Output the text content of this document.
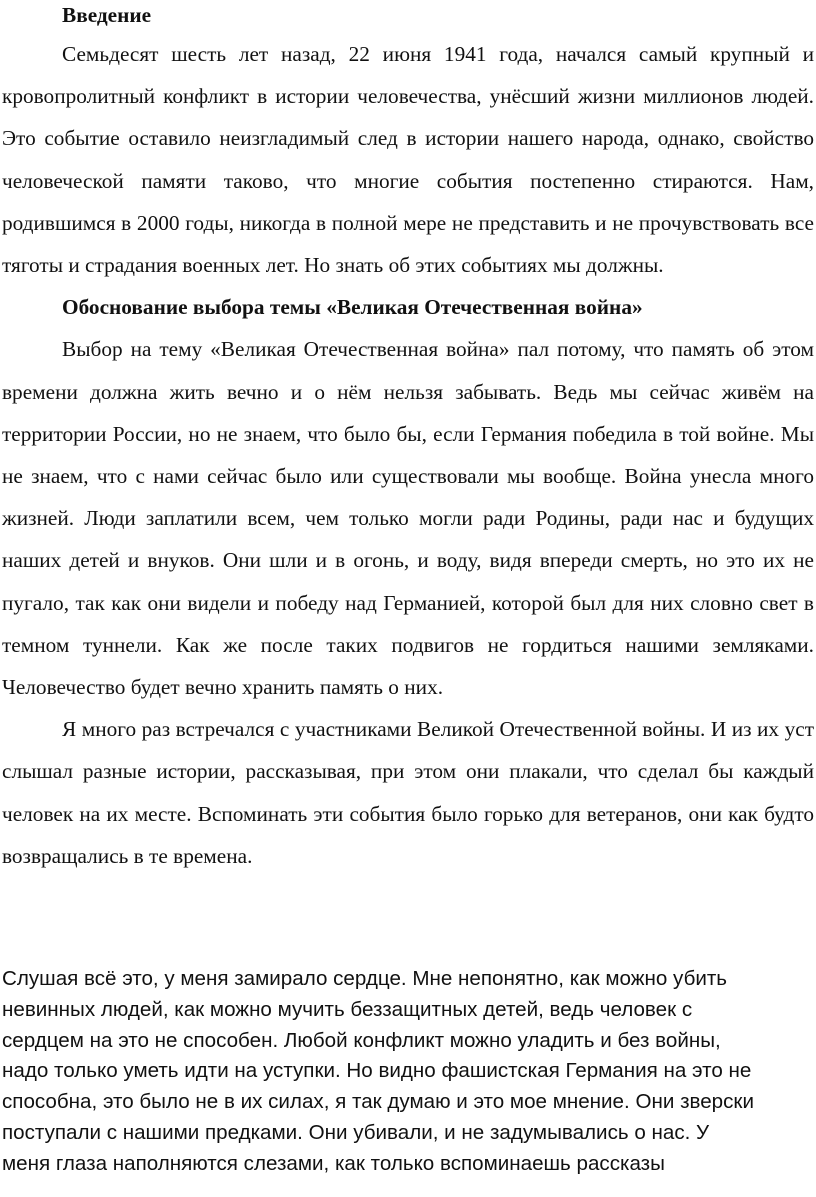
Введение

Семьдесят шесть лет назад, 22 июня 1941 года, начался самый крупный и кровопролитный конфликт в истории человечества, унёсший жизни миллионов людей. Это событие оставило неизгладимый след в истории нашего народа, однако, свойство человеческой памяти таково, что многие события постепенно стираются. Нам, родившимся в 2000 годы, никогда в полной мере не представить и не прочувствовать все тяготы и страдания военных лет. Но знать об этих событиях мы должны.

Обоснование выбора темы «Великая Отечественная война»

Выбор на тему «Великая Отечественная война» пал потому, что память об этом времени должна жить вечно и о нём нельзя забывать. Ведь мы сейчас живём на территории России, но не знаем, что было бы, если Германия победила в той войне. Мы не знаем, что с нами сейчас было или существовали мы вообще. Война унесла много жизней. Люди заплатили всем, чем только могли ради Родины, ради нас и будущих наших детей и внуков. Они шли и в огонь, и воду, видя впереди смерть, но это их не пугало, так как они видели и победу над Германией, которой был для них словно свет в темном туннели. Как же после таких подвигов не гордиться нашими земляками. Человечество будет вечно хранить память о них.

Я много раз встречался с участниками Великой Отечественной войны. И из их уст слышал разные истории, рассказывая, при этом они плакали, что сделал бы каждый человек на их месте. Вспоминать эти события было горько для ветеранов, они как будто возвращались в те времена.

Слушая всё это, у меня замирало сердце. Мне непонятно, как можно убить
невинных людей, как можно мучить беззащитных детей, ведь человек с
сердцем на это не способен. Любой конфликт можно уладить и без войны,
надо только уметь идти на уступки. Но видно фашистская Германия на это не
способна, это было не в их силах, я так думаю и это мое мнение. Они зверски
поступали с нашими предками. Они убивали, и не задумывались о нас. У
меня глаза наполняются слезами, как только вспоминаешь рассказы
